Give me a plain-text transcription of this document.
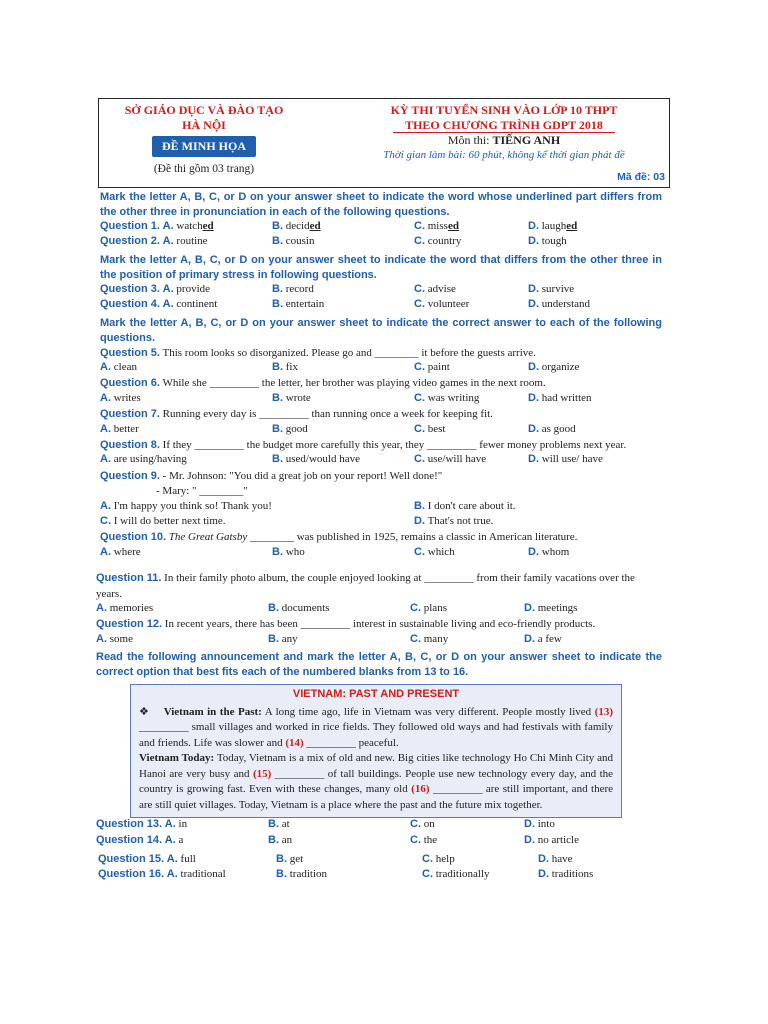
SỞ GIÁO DỤC VÀ ĐÀO TẠO
HÀ NỘI
ĐỀ MINH HỌA
(Đề thi gồm 03 trang)
KỲ THI TUYỂN SINH VÀO LỚP 10 THPT
THEO CHƯƠNG TRÌNH GDPT 2018
Môn thi: TIẾNG ANH
Thời gian làm bài: 60 phút, không kể thời gian phát đề
Mã đề: 03
Mark the letter A, B, C, or D on your answer sheet to indicate the word whose underlined part differs from the other three in pronunciation in each of the following questions.
Question 1. A. watched	B. decided	C. missed	D. laughed
Question 2. A. routine	B. cousin	C. country	D. tough
Mark the letter A, B, C, or D on your answer sheet to indicate the word that differs from the other three in the position of primary stress in following questions.
Question 3. A. provide	B. record	C. advise	D. survive
Question 4. A. continent	B. entertain	C. volunteer	D. understand
Mark the letter A, B, C, or D on your answer sheet to indicate the correct answer to each of the following questions.
Question 5. This room looks so disorganized. Please go and ________ it before the guests arrive.
A. clean	B. fix	C. paint	D. organize
Question 6. While she _________ the letter, her brother was playing video games in the next room.
A. writes	B. wrote	C. was writing	D. had written
Question 7. Running every day is _________ than running once a week for keeping fit.
A. better	B. good	C. best	D. as good
Question 8. If they _________ the budget more carefully this year, they _________ fewer money problems next year.
A. are using/having	B. used/would have	C. use/will have	D. will use/ have
Question 9. - Mr. Johnson: "You did a great job on your report! Well done!"
- Mary: " ________"
A. I'm happy you think so! Thank you!	B. I don't care about it.
C. I will do better next time.	D. That's not true.
Question 10. The Great Gatsby ________ was published in 1925, remains a classic in American literature.
A. where	B. who	C. which	D. whom
Question 11. In their family photo album, the couple enjoyed looking at _________ from their family vacations over the years.
A. memories	B. documents	C. plans	D. meetings
Question 12. In recent years, there has been _________ interest in sustainable living and eco-friendly products.
A. some	B. any	C. many	D. a few
Read the following announcement and mark the letter A, B, C, or D on your answer sheet to indicate the correct option that best fits each of the numbered blanks from 13 to 16.
VIETNAM: PAST AND PRESENT
❖ Vietnam in the Past: A long time ago, life in Vietnam was very different. People mostly lived (13) _________ small villages and worked in rice fields. They followed old ways and had festivals with family and friends. Life was slower and (14) _________ peaceful.
Vietnam Today: Today, Vietnam is a mix of old and new. Big cities like technology Ho Chi Minh City and Hanoi are very busy and (15) _________ of tall buildings. People use new technology every day, and the country is growing fast. Even with these changes, many old (16) _________ are still important, and there are still quiet villages. Today, Vietnam is a place where the past and the future mix together.
Question 13. A. in	B. at	C. on	D. into
Question 14. A. a	B. an	C. the	D. no article
Question 15. A. full	B. get	C. help	D. have
Question 16. A. traditional	B. tradition	C. traditionally	D. traditions
